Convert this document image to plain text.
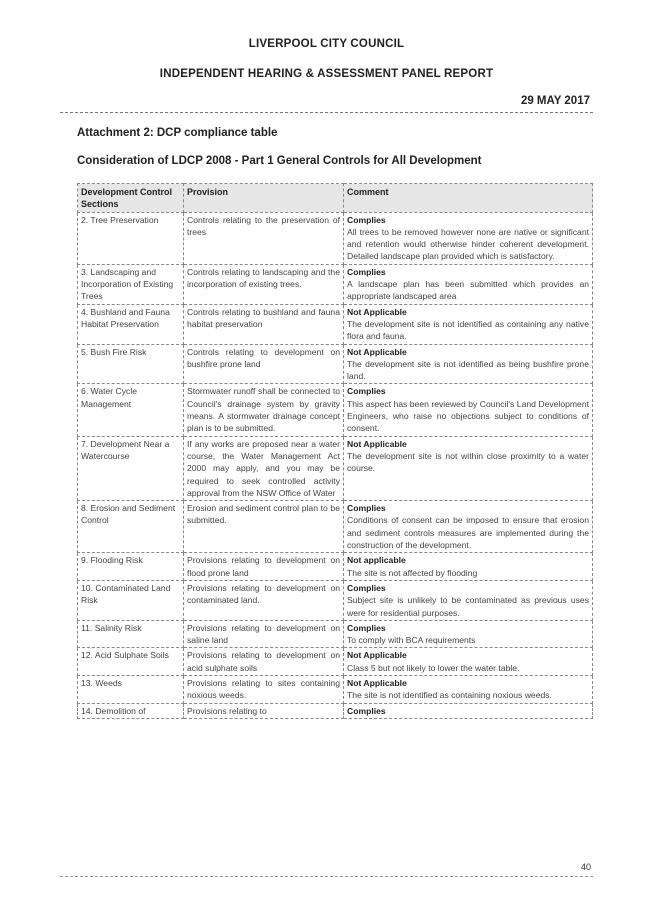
LIVERPOOL CITY COUNCIL
INDEPENDENT HEARING & ASSESSMENT PANEL REPORT
29 MAY 2017
Attachment 2: DCP compliance table
Consideration of LDCP 2008 - Part 1 General Controls for All Development
Development Control Sections	Provision	Comment
2. Tree Preservation	Controls relating to the preservation of trees	Complies
All trees to be removed however none are native or significant and retention would otherwise hinder coherent development. Detailed landscape plan provided which is satisfactory.
3. Landscaping and Incorporation of Existing Trees	Controls relating to landscaping and the incorporation of existing trees.	Complies
A landscape plan has been submitted which provides an appropriate landscaped area
4. Bushland and Fauna Habitat Preservation	Controls relating to bushland and fauna habitat preservation	Not Applicable
The development site is not identified as containing any native flora and fauna.
5. Bush Fire Risk	Controls relating to development on bushfire prone land	Not Applicable
The development site is not identified as being bushfire prone land.
6. Water Cycle Management	Stormwater runoff shall be connected to Council's drainage system by gravity means. A stormwater drainage concept plan is to be submitted.	Complies
This aspect has been reviewed by Council's Land Development Engineers, who raise no objections subject to conditions of consent.
7. Development Near a Watercourse	If any works are proposed near a water course, the Water Management Act 2000 may apply, and you may be required to seek controlled activity approval from the NSW Office of Water	Not Applicable
The development site is not within close proximity to a water course.
8. Erosion and Sediment Control	Erosion and sediment control plan to be submitted.	Complies
Conditions of consent can be imposed to ensure that erosion and sediment controls measures are implemented during the construction of the development.
9. Flooding Risk	Provisions relating to development on flood prone land	Not applicable
The site is not affected by flooding
10. Contaminated Land Risk	Provisions relating to development on contaminated land.	Complies
Subject site is unlikely to be contaminated as previous uses were for residential purposes.
11. Salinity Risk	Provisions relating to development on saline land	Complies
To comply with BCA requirements
12. Acid Sulphate Soils	Provisions relating to development on acid sulphate soils	Not Applicable
Class 5 but not likely to lower the water table.
13. Weeds	Provisions relating to sites containing noxious weeds.	Not Applicable
The site is not identified as containing noxious weeds.
14. Demolition of	Provisions relating to	Complies
40
